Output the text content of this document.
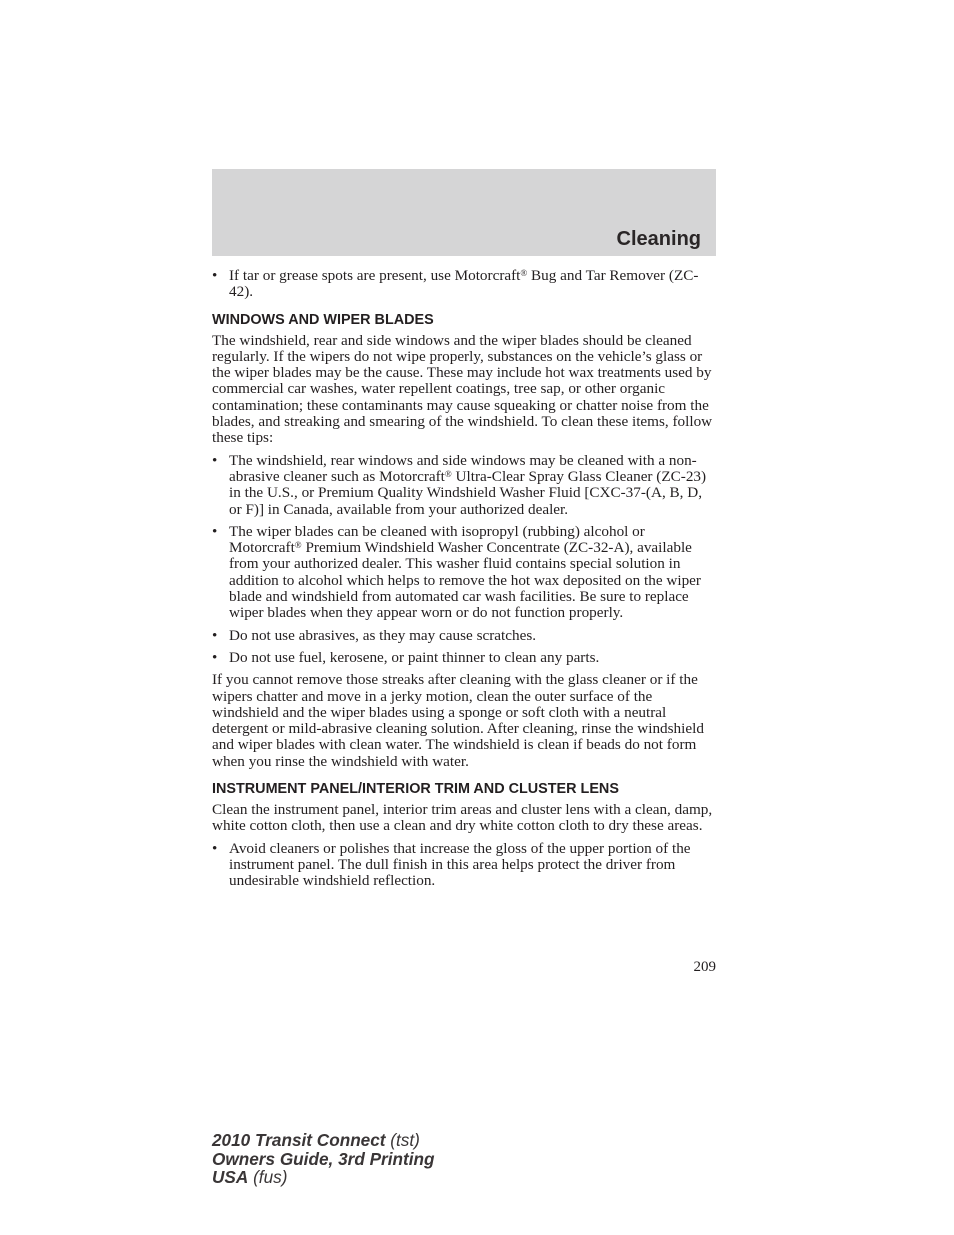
Cleaning
• If tar or grease spots are present, use Motorcraft® Bug and Tar Remover (ZC-42).
WINDOWS AND WIPER BLADES

The windshield, rear and side windows and the wiper blades should be cleaned regularly. If the wipers do not wipe properly, substances on the vehicle’s glass or the wiper blades may be the cause. These may include hot wax treatments used by commercial car washes, water repellent coatings, tree sap, or other organic contamination; these contaminants may cause squeaking or chatter noise from the blades, and streaking and smearing of the windshield. To clean these items, follow these tips:

• The windshield, rear windows and side windows may be cleaned with a non-abrasive cleaner such as Motorcraft® Ultra-Clear Spray Glass Cleaner (ZC-23) in the U.S., or Premium Quality Windshield Washer Fluid [CXC-37-(A, B, D, or F)] in Canada, available from your authorized dealer.
• The wiper blades can be cleaned with isopropyl (rubbing) alcohol or Motorcraft® Premium Windshield Washer Concentrate (ZC-32-A), available from your authorized dealer. This washer fluid contains special solution in addition to alcohol which helps to remove the hot wax deposited on the wiper blade and windshield from automated car wash facilities. Be sure to replace wiper blades when they appear worn or do not function properly.
• Do not use abrasives, as they may cause scratches.
• Do not use fuel, kerosene, or paint thinner to clean any parts.

If you cannot remove those streaks after cleaning with the glass cleaner or if the wipers chatter and move in a jerky motion, clean the outer surface of the windshield and the wiper blades using a sponge or soft cloth with a neutral detergent or mild-abrasive cleaning solution. After cleaning, rinse the windshield and wiper blades with clean water. The windshield is clean if beads do not form when you rinse the windshield with water.

INSTRUMENT PANEL/INTERIOR TRIM AND CLUSTER LENS

Clean the instrument panel, interior trim areas and cluster lens with a clean, damp, white cotton cloth, then use a clean and dry white cotton cloth to dry these areas.

• Avoid cleaners or polishes that increase the gloss of the upper portion of the instrument panel. The dull finish in this area helps protect the driver from undesirable windshield reflection.
209
2010 Transit Connect (tst)
Owners Guide, 3rd Printing
USA (fus)
